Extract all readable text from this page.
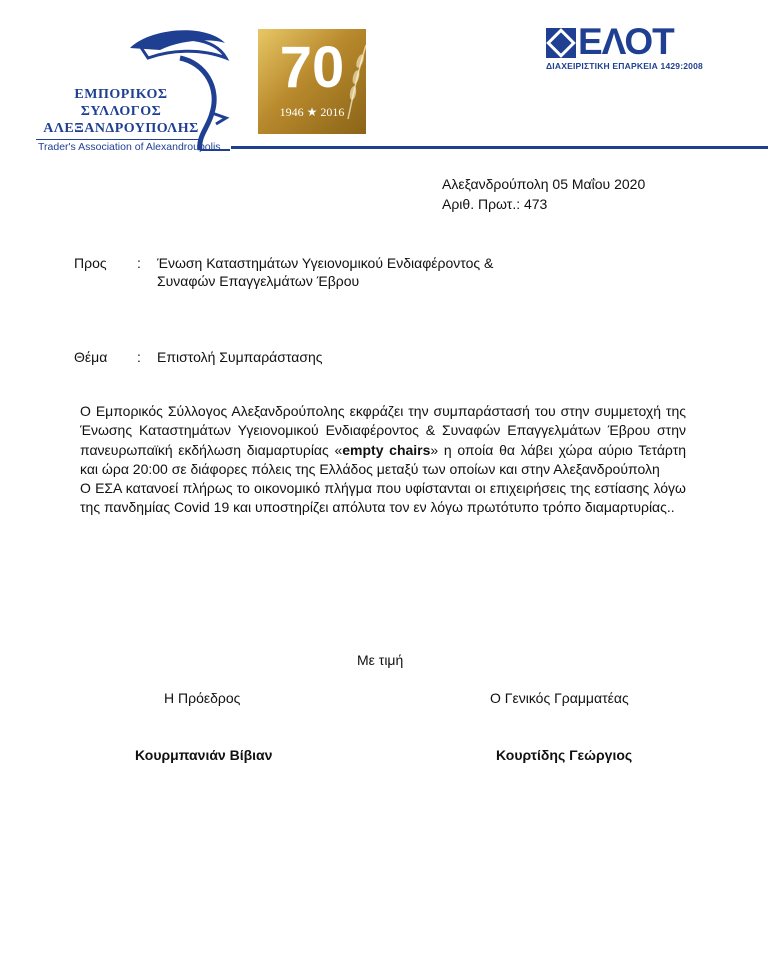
ΕΜΠΟΡΙΚΟΣ
ΣΥΛΛΟΓΟΣ
ΑΛΕΞΑΝΔΡΟΥΠΟΛΗΣ
Trader's Association of Alexandroupolis
70
1946 ★ 2016
ΕΛΟΤ
ΔΙΑΧΕΙΡΙΣΤΙΚΗ ΕΠΑΡΚΕΙΑ 1429:2008
Αλεξανδρούπολη 05 Μαΐου 2020
Αριθ. Πρωτ.: 473
Προς : Ένωση Καταστημάτων Υγειονομικού Ενδιαφέροντος &
Συναφών Επαγγελμάτων Έβρου
Θέμα : Επιστολή Συμπαράστασης

Ο Εμπορικός Σύλλογος Αλεξανδρούπολης εκφράζει την συμπαράστασή του στην συμμετοχή της Ένωσης Καταστημάτων Υγειονομικού Ενδιαφέροντος & Συναφών Επαγγελμάτων Έβρου στην πανευρωπαϊκή εκδήλωση διαμαρτυρίας «empty chairs» η οποία θα λάβει χώρα αύριο Τετάρτη και ώρα 20:00 σε διάφορες πόλεις της Ελλάδος μεταξύ των οποίων και στην Αλεξανδρούπολη

Ο ΕΣΑ κατανοεί πλήρως το οικονομικό πλήγμα που υφίστανται οι επιχειρήσεις της εστίασης λόγω της πανδημίας Covid 19 και υποστηρίζει απόλυτα τον εν λόγω πρωτότυπο τρόπο διαμαρτυρίας..

Με τιμή
Η Πρόεδρος	Ο Γενικός Γραμματέας
Κουρμπανιάν Βίβιαν	Κουρτίδης Γεώργιος
